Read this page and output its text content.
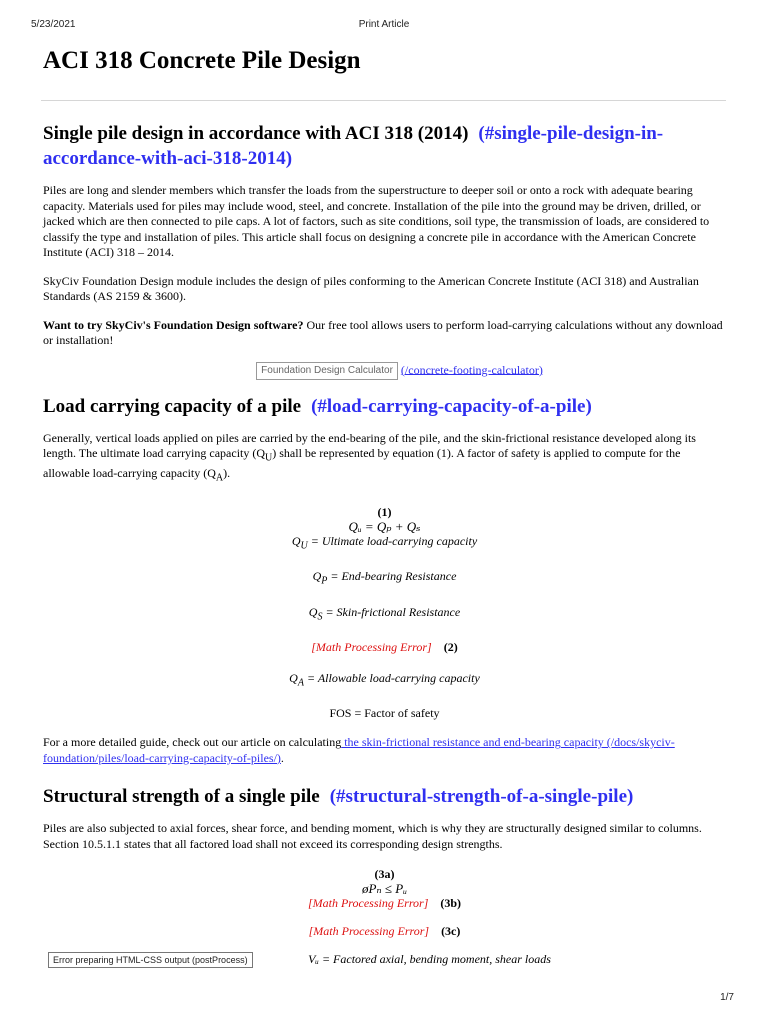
5/23/2021	Print Article
ACI 318 Concrete Pile Design
Single pile design in accordance with ACI 318 (2014) (#single-pile-design-in-accordance-with-aci-318-2014)

Piles are long and slender members which transfer the loads from the superstructure to deeper soil or onto a rock with adequate bearing capacity. Materials used for piles may include wood, steel, and concrete. Installation of the pile into the ground may be driven, drilled, or jacked which are then connected to pile caps. A lot of factors, such as site conditions, soil type, the transmission of loads, are considered to classify the type and installation of piles. This article shall focus on designing a concrete pile in accordance with the American Concrete Institute (ACI) 318 – 2014.

SkyCiv Foundation Design module includes the design of piles conforming to the American Concrete Institute (ACI 318) and Australian Standards (AS 2159 & 3600).

Want to try SkyCiv's Foundation Design software? Our free tool allows users to perform load-carrying calculations without any download or installation!

Foundation Design Calculator (/concrete-footing-calculator)
Load carrying capacity of a pile (#load-carrying-capacity-of-a-pile)

Generally, vertical loads applied on piles are carried by the end-bearing of the pile, and the skin-frictional resistance developed along its length. The ultimate load carrying capacity $(Q_U)$ shall be represented by equation (1). A factor of safety is applied to compute for the allowable load-carrying capacity $(Q_A)$.

(1)
Qᵤ = Qₚ + Qₛ
$Q_U$ = Ultimate load-carrying capacity
$Q_P$ = End-bearing Resistance
$Q_S$ = Skin-frictional Resistance
[Math Processing Error] (2)
$Q_A$ = Allowable load-carrying capacity
FOS = Factor of safety

For a more detailed guide, check out our article on calculating the skin-frictional resistance and end-bearing capacity (/docs/skyciv-foundation/piles/load-carrying-capacity-of-piles/).

Structural strength of a single pile (#structural-strength-of-a-single-pile)

Piles are also subjected to axial forces, shear force, and bending moment, which is why they are structurally designed similar to columns. Section 10.5.1.1 states that all factored load shall not exceed its corresponding design strengths.

(3a)
øPₙ ≤ Pᵤ
[Math Processing Error] (3b)
[Math Processing Error] (3c)
Vᵤ = Factored axial, bending moment, shear loads
Error preparing HTML-CSS output (postProcess)
1/7
